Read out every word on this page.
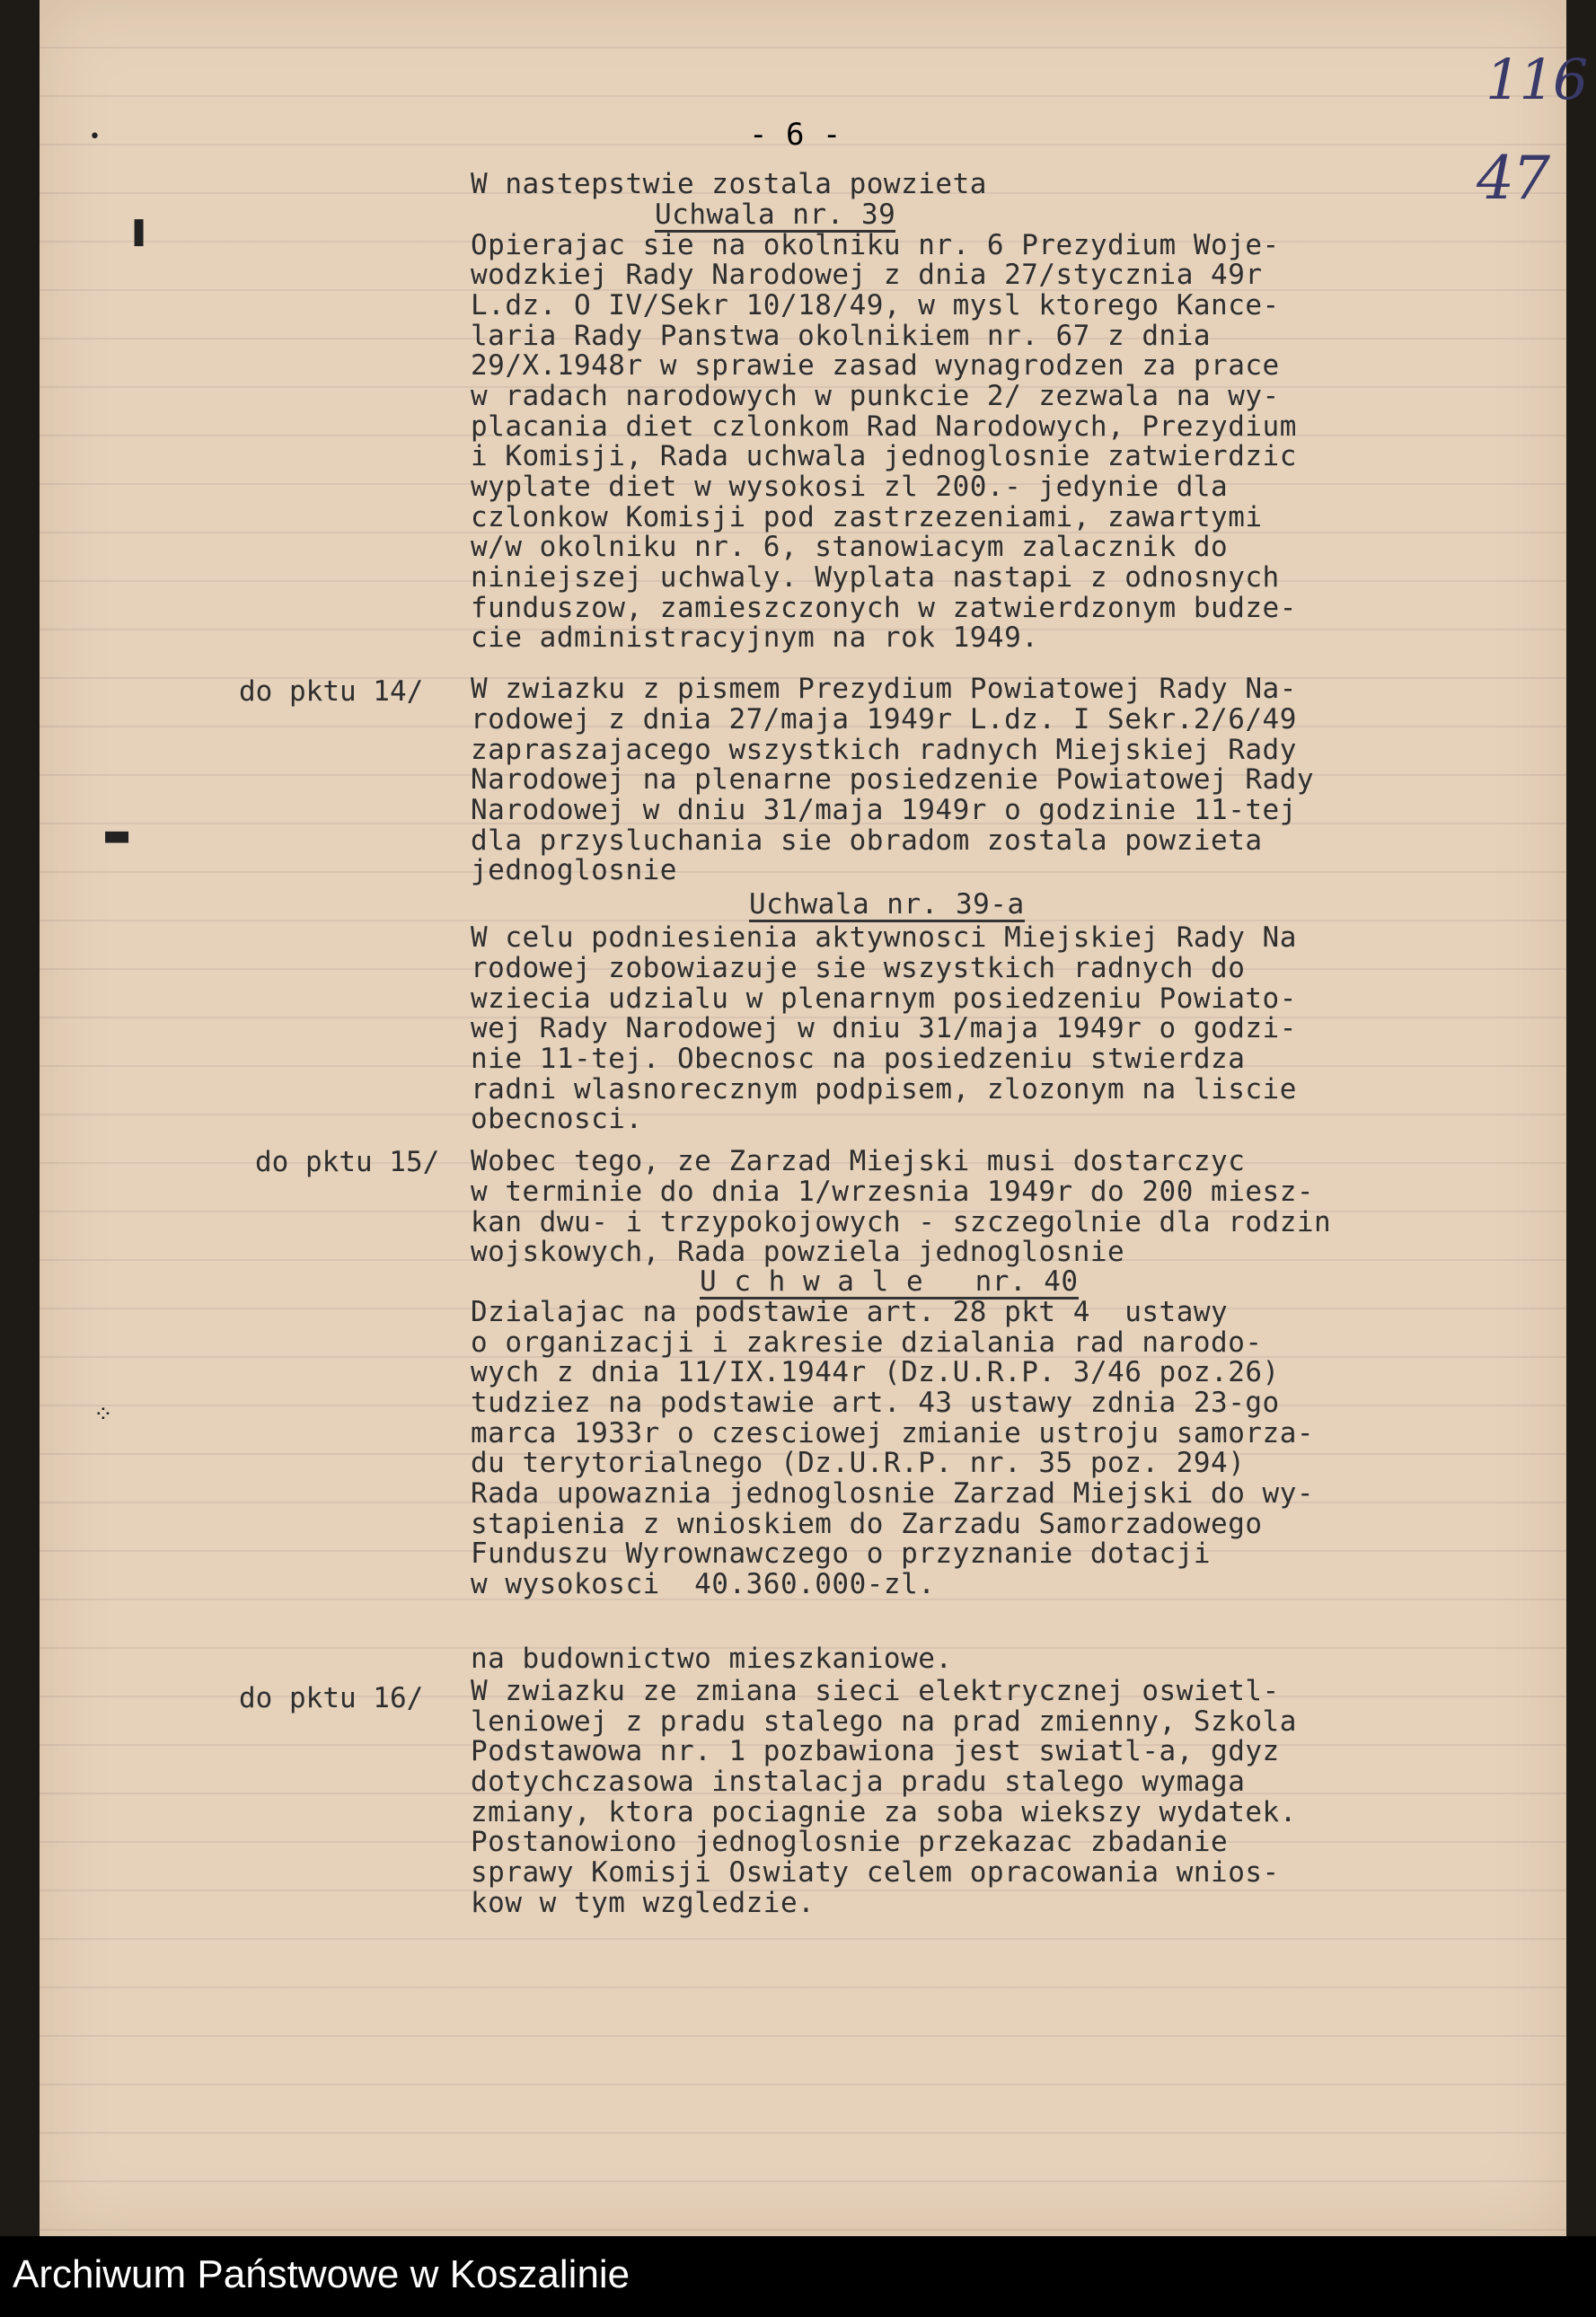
116
47
- 6 -
•
❚
▬
⁘
do pktu 14/
do pktu 15/
do pktu 16/
W nastepstwie zostala powzieta
Uchwala nr. 39
Opierajac sie na okolniku nr. 6 Prezydium Woje-
wodzkiej Rady Narodowej z dnia 27/stycznia 49r
L.dz. O IV/Sekr 10/18/49, w mysl ktorego Kance-
laria Rady Panstwa okolnikiem nr. 67 z dnia
29/X.1948r w sprawie zasad wynagrodzen za prace
w radach narodowych w punkcie 2/ zezwala na wy-
placania diet czlonkom Rad Narodowych, Prezydium
i Komisji, Rada uchwala jednoglosnie zatwierdzic
wyplate diet w wysokosi zl 200.- jedynie dla
czlonkow Komisji pod zastrzezeniami, zawartymi
w/w okolniku nr. 6, stanowiacym zalacznik do
niniejszej uchwaly. Wyplata nastapi z odnosnych
funduszow, zamieszczonych w zatwierdzonym budze-
cie administracyjnym na rok 1949.
W zwiazku z pismem Prezydium Powiatowej Rady Na-
rodowej z dnia 27/maja 1949r L.dz. I Sekr.2/6/49
zapraszajacego wszystkich radnych Miejskiej Rady
Narodowej na plenarne posiedzenie Powiatowej Rady
Narodowej w dniu 31/maja 1949r o godzinie 11-tej
dla przysluchania sie obradom zostala powzieta
jednoglosnie
Uchwala nr. 39-a
W celu podniesienia aktywnosci Miejskiej Rady Na
rodowej zobowiazuje sie wszystkich radnych do
wziecia udzialu w plenarnym posiedzeniu Powiato-
wej Rady Narodowej w dniu 31/maja 1949r o godzi-
nie 11-tej. Obecnosc na posiedzeniu stwierdza
radni wlasnorecznym podpisem, zlozonym na liscie
obecnosci.
Wobec tego, ze Zarzad Miejski musi dostarczyc
w terminie do dnia 1/wrzesnia 1949r do 200 miesz-
kan dwu- i trzypokojowych - szczegolnie dla rodzin
wojskowych, Rada powziela jednoglosnie
U c h w a l e   nr. 40
Dzialajac na podstawie art. 28 pkt 4  ustawy
o organizacji i zakresie dzialania rad narodo-
wych z dnia 11/IX.1944r (Dz.U.R.P. 3/46 poz.26)
tudziez na podstawie art. 43 ustawy zdnia 23-go
marca 1933r o czesciowej zmianie ustroju samorza-
du terytorialnego (Dz.U.R.P. nr. 35 poz. 294)
Rada upowaznia jednoglosnie Zarzad Miejski do wy-
stapienia z wnioskiem do Zarzadu Samorzadowego
Funduszu Wyrownawczego o przyznanie dotacji
w wysokosci  40.360.000-zl.
na budownictwo mieszkaniowe.
W zwiazku ze zmiana sieci elektrycznej oswietl-
leniowej z pradu stalego na prad zmienny, Szkola
Podstawowa nr. 1 pozbawiona jest swiatl-a, gdyz
dotychczasowa instalacja pradu stalego wymaga
zmiany, ktora pociagnie za soba wiekszy wydatek.
Postanowiono jednoglosnie przekazac zbadanie
sprawy Komisji Oswiaty celem opracowania wnios-
kow w tym wzgledzie.
Archiwum Państwowe w Koszalinie
